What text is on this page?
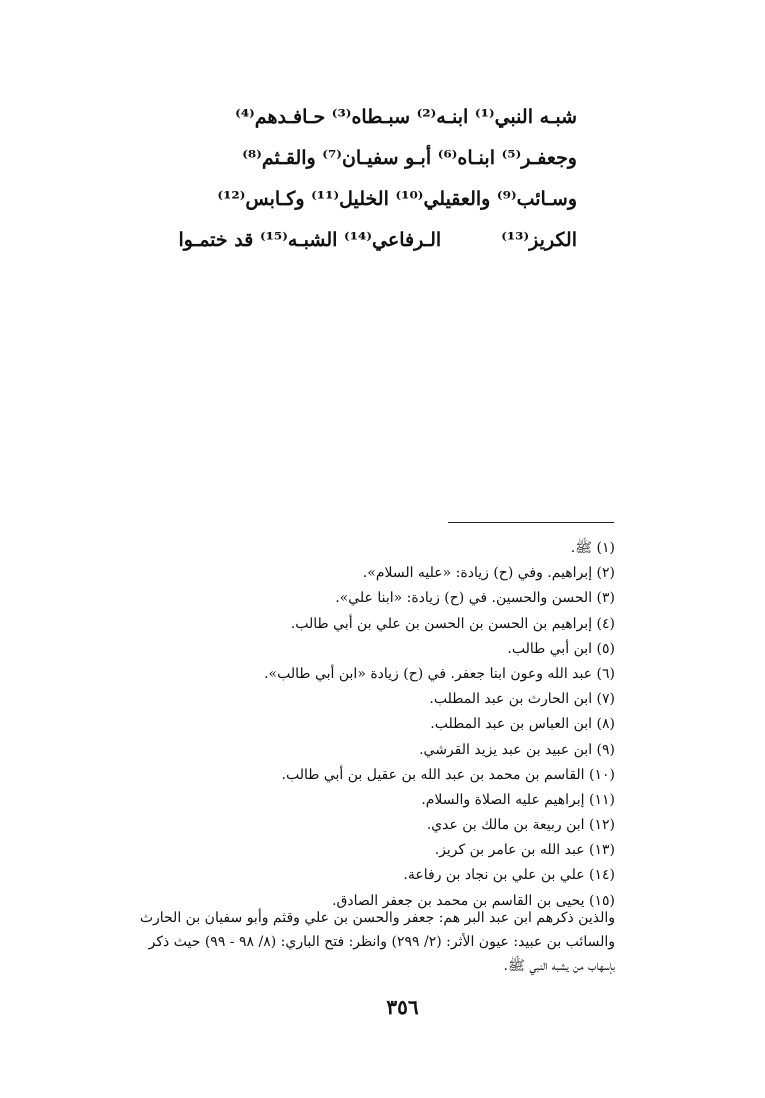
شبـه النبي⁽¹⁾ ابنـه⁽²⁾ سبـطاه⁽³⁾ حـافـدهم⁽⁴⁾
وجعفـر⁽⁵⁾ ابنـاه⁽⁶⁾ أبـو سفيـان⁽⁷⁾ والقـثم⁽⁸⁾
وسـائب⁽⁹⁾ والعقيلي⁽¹⁰⁾ الخليل⁽¹¹⁾ وكـابس⁽¹²⁾
الكريز⁽¹³⁾
الـرفاعي⁽¹⁴⁾ الشبـه⁽¹⁵⁾ قد ختمـوا
(١) ﷺ.
(٢) إبراهيم. وفي (ح) زيادة: «عليه السلام».
(٣) الحسن والحسين. في (ح) زيادة: «ابنا علي».
(٤) إبراهيم بن الحسن بن الحسن بن علي بن أبي طالب.
(٥) ابن أبي طالب.
(٦) عبد الله وعون ابنا جعفر. في (ح) زيادة «ابن أبي طالب».
(٧) ابن الحارث بن عبد المطلب.
(٨) ابن العباس بن عبد المطلب.
(٩) ابن عبيد بن عبد يزيد القرشي.
(١٠) القاسم بن محمد بن عبد الله بن عقيل بن أبي طالب.
(١١) إبراهيم عليه الصلاة والسلام.
(١٢) ابن ربيعة بن مالك بن عدي.
(١٣) عبد الله بن عامر بن كريز.
(١٤) علي بن علي بن نجاد بن رفاعة.
(١٥) يحيى بن القاسم بن محمد بن جعفر الصادق.
والذين ذكرهم ابن عبد البر هم: جعفر والحسن بن علي وقثم وأبو سفيان بن الحارث
والسائب بن عبيد: عيون الأثر: (٢/ ٢٩٩) وانظر: فتح الباري: (٨/ ٩٨ - ٩٩) حيث ذكر
بإسهاب من يشبه النبي ﷺ.
٣٥٦
